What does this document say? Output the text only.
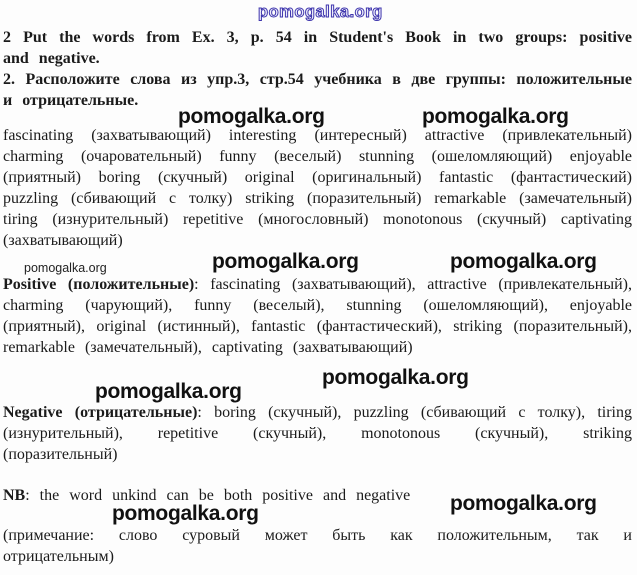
pomogalka.org
pomogalka.org	pomogalka.org
pomogalka.org	pomogalka.org	pomogalka.org
pomogalka.org
pomogalka.org
pomogalka.org
pomogalka.org

2 Put the words from Ex. 3, p. 54 in Student's Book in two groups: positive and negative.

2. Расположите слова из упр.3, стр.54 учебника в две группы: положительные и отрицательные.

fascinating (захватывающий) interesting (интересный) attractive (привлекательный) charming (очаровательный) funny (веселый) stunning (ошеломляющий) enjoyable (приятный) boring (скучный) original (оригинальный) fantastic (фантастический) puzzling (сбивающий с толку) striking (поразительный) remarkable (замечательный) tiring (изнурительный) repetitive (многословный) monotonous (скучный) captivating (захватывающий)

Positive (положительные): fascinating (захватывающий), attractive (привлекательный), charming (чарующий), funny (веселый), stunning (ошеломляющий), enjoyable (приятный), original (истинный), fantastic (фантастический), striking (поразительный), remarkable (замечательный), captivating (захватывающий)

Negative (отрицательные): boring (скучный), puzzling (сбивающий с толку), tiring (изнурительный), repetitive (скучный), monotonous (скучный), striking (поразительный)

NB: the word unkind can be both positive and negative

(примечание: слово суровый может быть как положительным, так и отрицательным)
